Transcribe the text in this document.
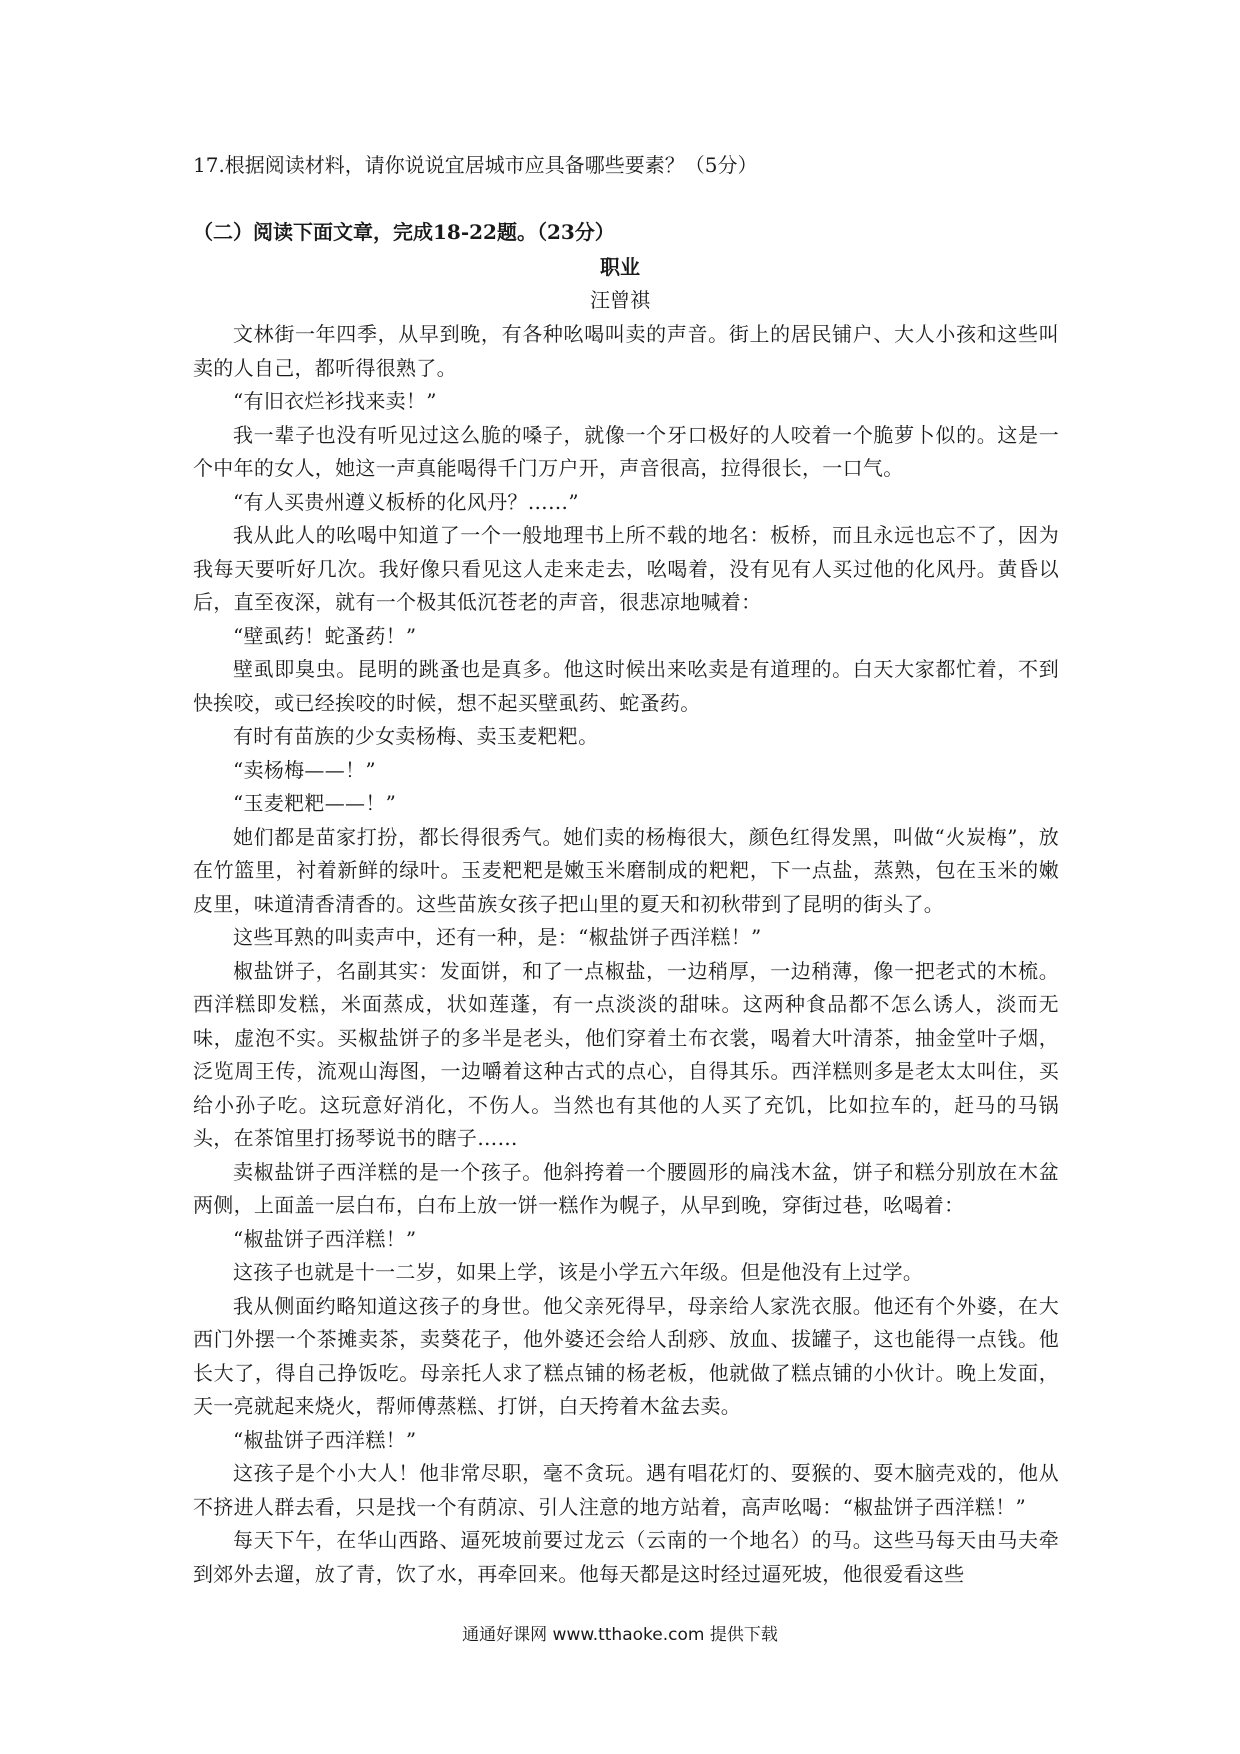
17.根据阅读材料，请你说说宜居城市应具备哪些要素？（5分）
（二）阅读下面文章，完成18-22题。（23分）
职业
汪曾祺

文林街一年四季，从早到晚，有各种吆喝叫卖的声音。街上的居民铺户、大人小孩和这些叫卖的人自己，都听得很熟了。

“有旧衣烂衫找来卖！”

我一辈子也没有听见过这么脆的嗓子，就像一个牙口极好的人咬着一个脆萝卜似的。这是一个中年的女人，她这一声真能喝得千门万户开，声音很高，拉得很长，一口气。

“有人买贵州遵义板桥的化风丹？……”

我从此人的吆喝中知道了一个一般地理书上所不载的地名：板桥，而且永远也忘不了，因为我每天要听好几次。我好像只看见这人走来走去，吆喝着，没有见有人买过他的化风丹。黄昏以后，直至夜深，就有一个极其低沉苍老的声音，很悲凉地喊着：

“壁虱药！蛇蚤药！”

壁虱即臭虫。昆明的跳蚤也是真多。他这时候出来吆卖是有道理的。白天大家都忙着，不到快挨咬，或已经挨咬的时候，想不起买壁虱药、蛇蚤药。

有时有苗族的少女卖杨梅、卖玉麦粑粑。

“卖杨梅——！”

“玉麦粑粑——！”

她们都是苗家打扮，都长得很秀气。她们卖的杨梅很大，颜色红得发黑，叫做“火炭梅”，放在竹篮里，衬着新鲜的绿叶。玉麦粑粑是嫩玉米磨制成的粑粑，下一点盐，蒸熟，包在玉米的嫩皮里，味道清香清香的。这些苗族女孩子把山里的夏天和初秋带到了昆明的街头了。

这些耳熟的叫卖声中，还有一种，是：“椒盐饼子西洋糕！”

椒盐饼子，名副其实：发面饼，和了一点椒盐，一边稍厚，一边稍薄，像一把老式的木梳。西洋糕即发糕，米面蒸成，状如莲蓬，有一点淡淡的甜味。这两种食品都不怎么诱人，淡而无味，虚泡不实。买椒盐饼子的多半是老头，他们穿着土布衣裳，喝着大叶清茶，抽金堂叶子烟，泛览周王传，流观山海图，一边嚼着这种古式的点心，自得其乐。西洋糕则多是老太太叫住，买给小孙子吃。这玩意好消化，不伤人。当然也有其他的人买了充饥，比如拉车的，赶马的马锅头，在茶馆里打扬琴说书的瞎子……

卖椒盐饼子西洋糕的是一个孩子。他斜挎着一个腰圆形的扁浅木盆，饼子和糕分别放在木盆两侧，上面盖一层白布，白布上放一饼一糕作为幌子，从早到晚，穿街过巷，吆喝着：

“椒盐饼子西洋糕！”

这孩子也就是十一二岁，如果上学，该是小学五六年级。但是他没有上过学。

我从侧面约略知道这孩子的身世。他父亲死得早，母亲给人家洗衣服。他还有个外婆，在大西门外摆一个茶摊卖茶，卖葵花子，他外婆还会给人刮痧、放血、拔罐子，这也能得一点钱。他长大了，得自己挣饭吃。母亲托人求了糕点铺的杨老板，他就做了糕点铺的小伙计。晚上发面，天一亮就起来烧火，帮师傅蒸糕、打饼，白天挎着木盆去卖。

“椒盐饼子西洋糕！”

这孩子是个小大人！他非常尽职，毫不贪玩。遇有唱花灯的、耍猴的、耍木脑壳戏的，他从不挤进人群去看，只是找一个有荫凉、引人注意的地方站着，高声吆喝：“椒盐饼子西洋糕！”

每天下午，在华山西路、逼死坡前要过龙云（云南的一个地名）的马。这些马每天由马夫牵到郊外去遛，放了青，饮了水，再牵回来。他每天都是这时经过逼死坡，他很爱看这些

通通好课网 www.tthaoke.com 提供下载
